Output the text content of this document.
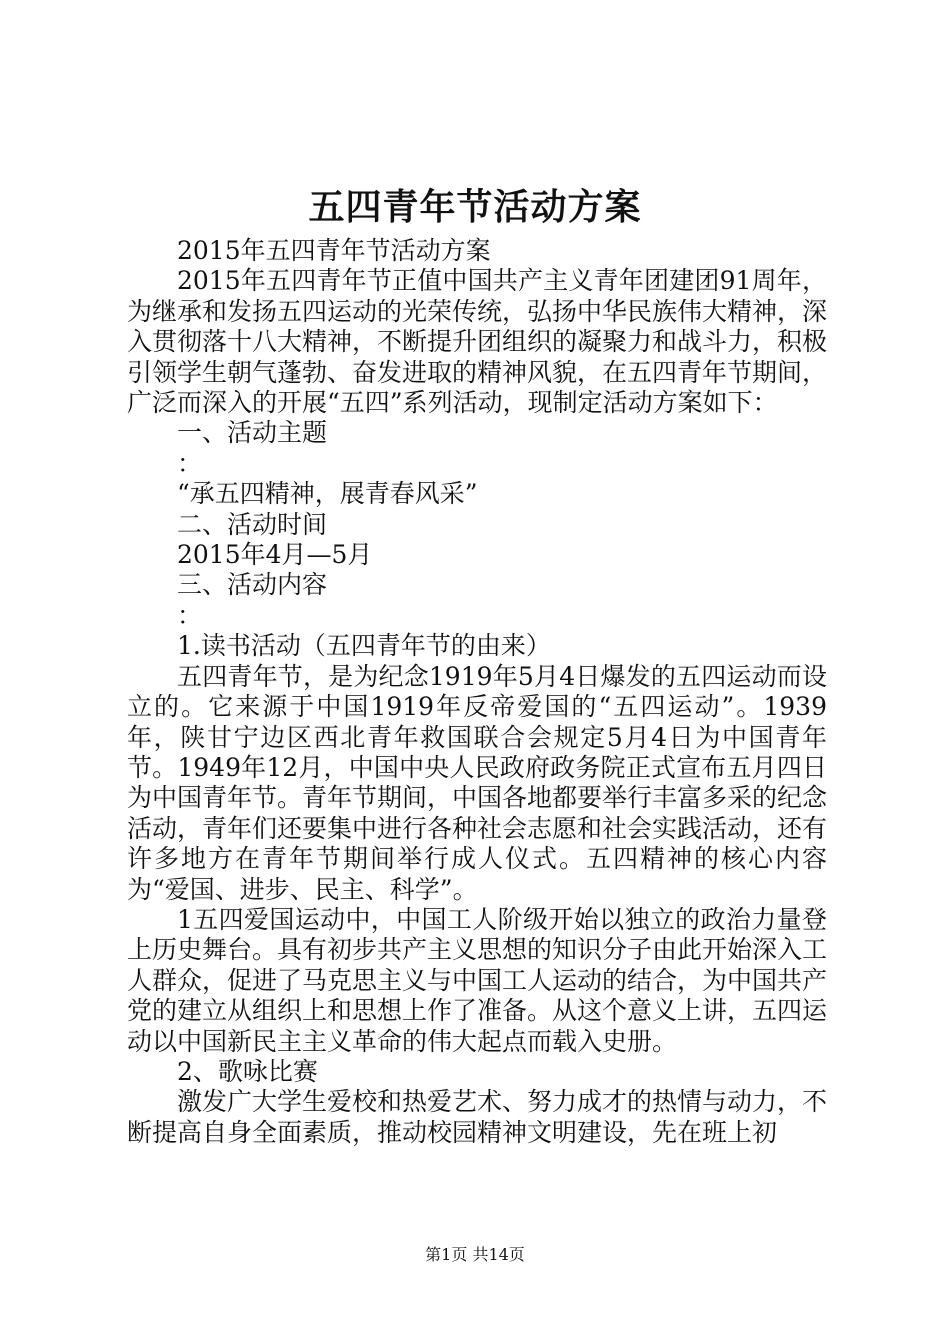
五四青年节活动方案

2015年五四青年节活动方案

2015年五四青年节正值中国共产主义青年团建团91周年，为继承和发扬五四运动的光荣传统，弘扬中华民族伟大精神，深入贯彻落十八大精神，不断提升团组织的凝聚力和战斗力，积极引领学生朝气蓬勃、奋发进取的精神风貌，在五四青年节期间，广泛而深入的开展“五四”系列活动，现制定活动方案如下：

一、活动主题

：

“承五四精神，展青春风采”

二、活动时间

2015年4月—5月

三、活动内容

：

1.读书活动（五四青年节的由来）

五四青年节，是为纪念1919年5月4日爆发的五四运动而设立的。它来源于中国1919年反帝爱国的“五四运动”。1939年，陕甘宁边区西北青年救国联合会规定5月4日为中国青年节。1949年12月，中国中央人民政府政务院正式宣布五月四日为中国青年节。青年节期间，中国各地都要举行丰富多采的纪念活动，青年们还要集中进行各种社会志愿和社会实践活动，还有许多地方在青年节期间举行成人仪式。五四精神的核心内容为“爱国、进步、民主、科学”。

1五四爱国运动中，中国工人阶级开始以独立的政治力量登上历史舞台。具有初步共产主义思想的知识分子由此开始深入工人群众，促进了马克思主义与中国工人运动的结合，为中国共产党的建立从组织上和思想上作了准备。从这个意义上讲，五四运动以中国新民主主义革命的伟大起点而载入史册。

2、歌咏比赛

激发广大学生爱校和热爱艺术、努力成才的热情与动力，不断提高自身全面素质，推动校园精神文明建设，先在班上初

第1页 共14页
